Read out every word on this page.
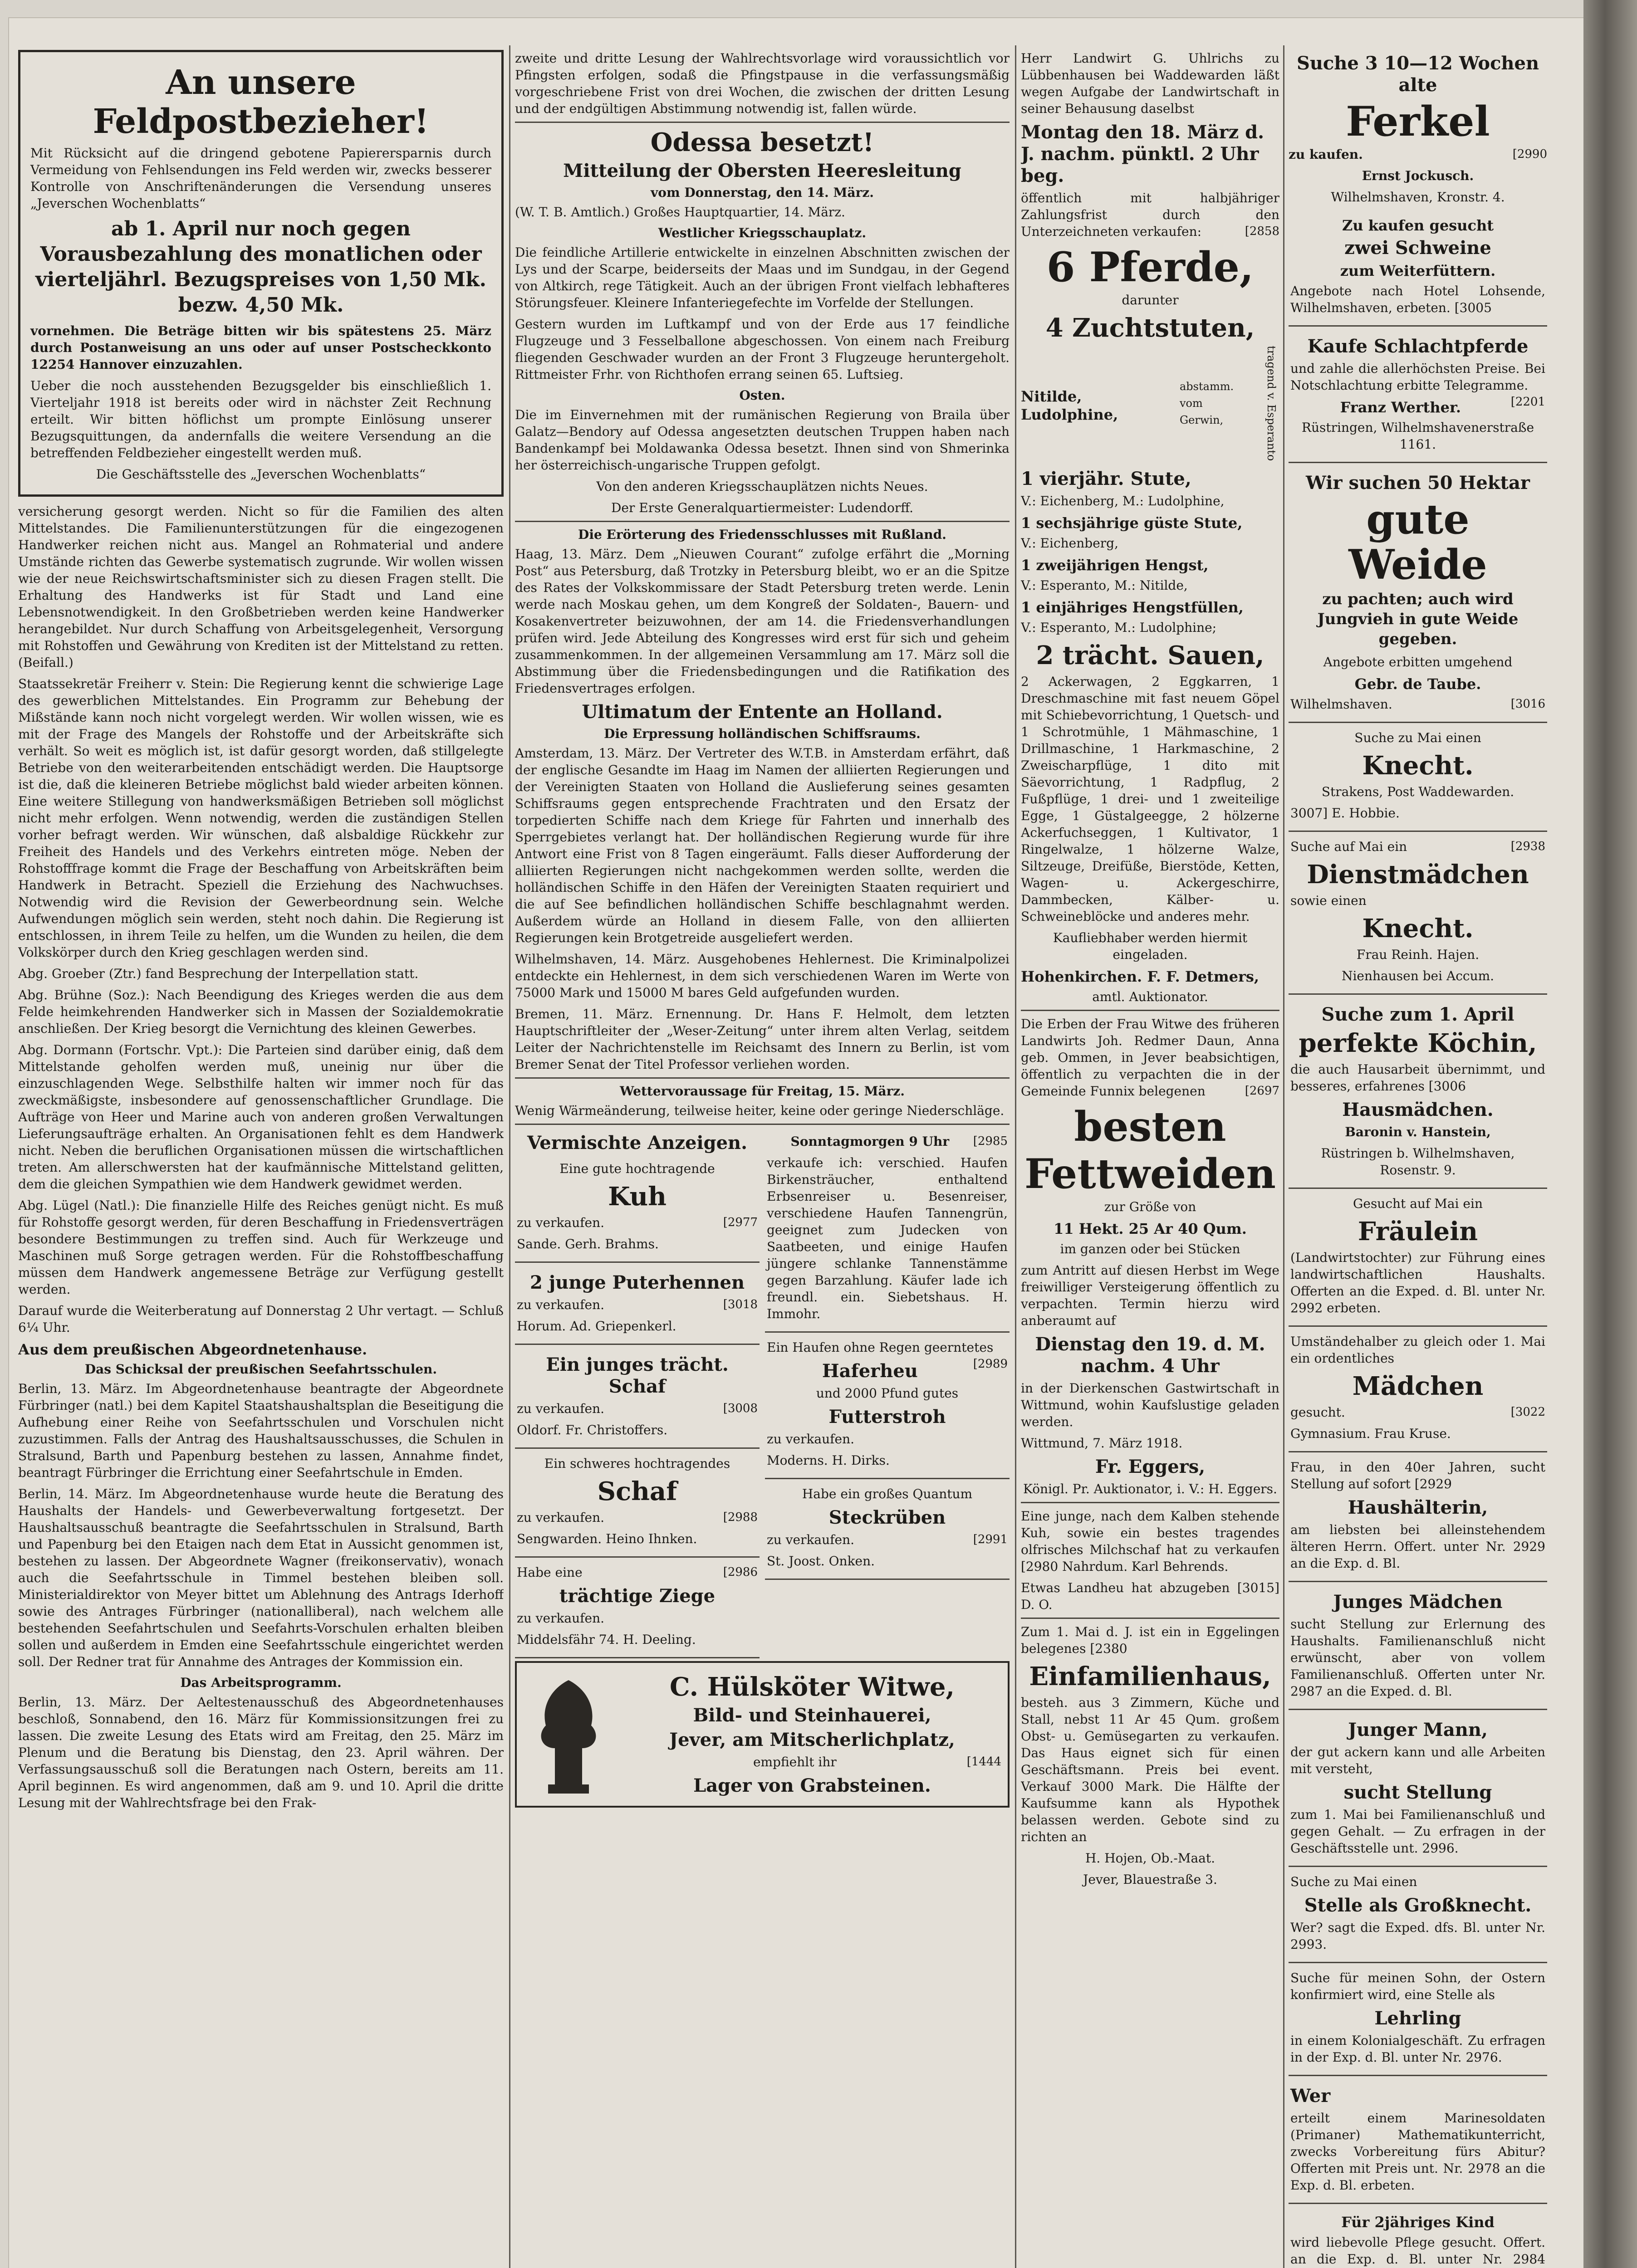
An unsere Feldpostbezieher!

Mit Rücksicht auf die dringend gebotene Papierersparnis durch Vermeidung von Fehlsendungen ins Feld werden wir, zwecks besserer Kontrolle von Anschriftenänderungen die Versendung unseres „Jeverschen Wochenblatts“

ab 1. April nur noch gegen Vorausbezahlung des monatlichen oder vierteljährl. Bezugspreises von 1,50 Mk. bezw. 4,50 Mk.

vornehmen. Die Beträge bitten wir bis spätestens 25. März durch Postanweisung an uns oder auf unser Postscheckkonto 12254 Hannover einzuzahlen.

Ueber die noch ausstehenden Bezugsgelder bis einschließlich 1. Vierteljahr 1918 ist bereits oder wird in nächster Zeit Rechnung erteilt. Wir bitten höflichst um prompte Einlösung unserer Bezugsquittungen, da andernfalls die weitere Versendung an die betreffenden Feldbezieher eingestellt werden muß.

Die Geschäftsstelle des „Jeverschen Wochenblatts“

versicherung gesorgt werden. Nicht so für die Familien des alten Mittelstandes. Die Familienunterstützungen für die eingezogenen Handwerker reichen nicht aus. Mangel an Rohmaterial und andere Umstände richten das Gewerbe systematisch zugrunde. Wir wollen wissen wie der neue Reichswirtschaftsminister sich zu diesen Fragen stellt. Die Erhaltung des Handwerks ist für Stadt und Land eine Lebensnotwendigkeit. In den Großbetrieben werden keine Handwerker herangebildet. Nur durch Schaffung von Arbeitsgelegenheit, Versorgung mit Rohstoffen und Gewährung von Krediten ist der Mittelstand zu retten. (Beifall.)

Staatssekretär Freiherr v. Stein: Die Regierung kennt die schwierige Lage des gewerblichen Mittelstandes. Ein Programm zur Behebung der Mißstände kann noch nicht vorgelegt werden. Wir wollen wissen, wie es mit der Frage des Mangels der Rohstoffe und der Arbeitskräfte sich verhält. So weit es möglich ist, ist dafür gesorgt worden, daß stillgelegte Betriebe von den weiterarbeitenden entschädigt werden. Die Hauptsorge ist die, daß die kleineren Betriebe möglichst bald wieder arbeiten können. Eine weitere Stillegung von handwerksmäßigen Betrieben soll möglichst nicht mehr erfolgen. Wenn notwendig, werden die zuständigen Stellen vorher befragt werden. Wir wünschen, daß alsbaldige Rückkehr zur Freiheit des Handels und des Verkehrs eintreten möge. Neben der Rohstofffrage kommt die Frage der Beschaffung von Arbeitskräften beim Handwerk in Betracht. Speziell die Erziehung des Nachwuchses. Notwendig wird die Revision der Gewerbeordnung sein. Welche Aufwendungen möglich sein werden, steht noch dahin. Die Regierung ist entschlossen, in ihrem Teile zu helfen, um die Wunden zu heilen, die dem Volkskörper durch den Krieg geschlagen werden sind.

Abg. Groeber (Ztr.) fand Besprechung der Interpellation statt.

Abg. Brühne (Soz.): Nach Beendigung des Krieges werden die aus dem Felde heimkehrenden Handwerker sich in Massen der Sozialdemokratie anschließen. Der Krieg besorgt die Vernichtung des kleinen Gewerbes.

Abg. Dormann (Fortschr. Vpt.): Die Parteien sind darüber einig, daß dem Mittelstande geholfen werden muß, uneinig nur über die einzuschlagenden Wege. Selbsthilfe halten wir immer noch für das zweckmäßigste, insbesondere auf genossenschaftlicher Grundlage. Die Aufträge von Heer und Marine auch von anderen großen Verwaltungen Lieferungsaufträge erhalten. An Organisationen fehlt es dem Handwerk nicht. Neben die beruflichen Organisationen müssen die wirtschaftlichen treten. Am allerschwersten hat der kaufmännische Mittelstand gelitten, dem die gleichen Sympathien wie dem Handwerk gewidmet werden.

Abg. Lügel (Natl.): Die finanzielle Hilfe des Reiches genügt nicht. Es muß für Rohstoffe gesorgt werden, für deren Beschaffung in Friedensverträgen besondere Bestimmungen zu treffen sind. Auch für Werkzeuge und Maschinen muß Sorge getragen werden. Für die Rohstoffbeschaffung müssen dem Handwerk angemessene Beträge zur Verfügung gestellt werden.

Darauf wurde die Weiterberatung auf Donnerstag 2 Uhr vertagt. — Schluß 6¼ Uhr.

Aus dem preußischen Abgeordnetenhause.
Das Schicksal der preußischen Seefahrtsschulen.

Berlin, 13. März. Im Abgeordnetenhause beantragte der Abgeordnete Fürbringer (natl.) bei dem Kapitel Staatshaushaltsplan die Beseitigung die Aufhebung einer Reihe von Seefahrtsschulen und Vorschulen nicht zuzustimmen. Falls der Antrag des Haushaltsausschusses, die Schulen in Stralsund, Barth und Papenburg bestehen zu lassen, Annahme findet, beantragt Fürbringer die Errichtung einer Seefahrtschule in Emden.

Berlin, 14. März. Im Abgeordnetenhause wurde heute die Beratung des Haushalts der Handels- und Gewerbeverwaltung fortgesetzt. Der Haushaltsausschuß beantragte die Seefahrtsschulen in Stralsund, Barth und Papenburg bei den Etaigen nach dem Etat in Aussicht genommen ist, bestehen zu lassen. Der Abgeordnete Wagner (freikonservativ), wonach auch die Seefahrtsschule in Timmel bestehen bleiben soll. Ministerialdirektor von Meyer bittet um Ablehnung des Antrags Iderhoff sowie des Antrages Fürbringer (nationalliberal), nach welchem alle bestehenden Seefahrtschulen und Seefahrts-Vorschulen erhalten bleiben sollen und außerdem in Emden eine Seefahrtsschule eingerichtet werden soll. Der Redner trat für Annahme des Antrages der Kommission ein.

Das Arbeitsprogramm.

Berlin, 13. März. Der Aeltestenausschuß des Abgeordnetenhauses beschloß, Sonnabend, den 16. März für Kommissionsitzungen frei zu lassen. Die zweite Lesung des Etats wird am Freitag, den 25. März im Plenum und die Beratung bis Dienstag, den 23. April währen. Der Verfassungsausschuß soll die Beratungen nach Ostern, bereits am 11. April beginnen. Es wird angenommen, daß am 9. und 10. April die dritte Lesung mit der Wahlrechtsfrage bei den Frak-

zweite und dritte Lesung der Wahlrechtsvorlage wird voraussichtlich vor Pfingsten erfolgen, sodaß die Pfingstpause in die verfassungsmäßig vorgeschriebene Frist von drei Wochen, die zwischen der dritten Lesung und der endgültigen Abstimmung notwendig ist, fallen würde.

Odessa besetzt!
Mitteilung der Obersten Heeresleitung
vom Donnerstag, den 14. März.

(W. T. B. Amtlich.) Großes Hauptquartier, 14. März.

Westlicher Kriegsschauplatz.

Die feindliche Artillerie entwickelte in einzelnen Abschnitten zwischen der Lys und der Scarpe, beiderseits der Maas und im Sundgau, in der Gegend von Altkirch, rege Tätigkeit. Auch an der übrigen Front vielfach lebhafteres Störungsfeuer. Kleinere Infanteriegefechte im Vorfelde der Stellungen.

Gestern wurden im Luftkampf und von der Erde aus 17 feindliche Flugzeuge und 3 Fesselballone abgeschossen. Von einem nach Freiburg fliegenden Geschwader wurden an der Front 3 Flugzeuge heruntergeholt. Rittmeister Frhr. von Richthofen errang seinen 65. Luftsieg.

Osten.

Die im Einvernehmen mit der rumänischen Regierung von Braila über Galatz—Bendory auf Odessa angesetzten deutschen Truppen haben nach Bandenkampf bei Moldawanka Odessa besetzt. Ihnen sind von Shmerinka her österreichisch-ungarische Truppen gefolgt.

Von den anderen Kriegsschauplätzen nichts Neues.

Der Erste Generalquartiermeister: Ludendorff.

Die Erörterung des Friedensschlusses mit Rußland.

Haag, 13. März. Dem „Nieuwen Courant“ zufolge erfährt die „Morning Post“ aus Petersburg, daß Trotzky in Petersburg bleibt, wo er an die Spitze des Rates der Volkskommissare der Stadt Petersburg treten werde. Lenin werde nach Moskau gehen, um dem Kongreß der Soldaten-, Bauern- und Kosakenvertreter beizuwohnen, der am 14. die Friedensverhandlungen prüfen wird. Jede Abteilung des Kongresses wird erst für sich und geheim zusammenkommen. In der allgemeinen Versammlung am 17. März soll die Abstimmung über die Friedensbedingungen und die Ratifikation des Friedensvertrages erfolgen.

Ultimatum der Entente an Holland.
Die Erpressung holländischen Schiffsraums.

Amsterdam, 13. März. Der Vertreter des W.T.B. in Amsterdam erfährt, daß der englische Gesandte im Haag im Namen der alliierten Regierungen und der Vereinigten Staaten von Holland die Auslieferung seines gesamten Schiffsraums gegen entsprechende Frachtraten und den Ersatz der torpedierten Schiffe nach dem Kriege für Fahrten und innerhalb des Sperrgebietes verlangt hat. Der holländischen Regierung wurde für ihre Antwort eine Frist von 8 Tagen eingeräumt. Falls dieser Aufforderung der alliierten Regierungen nicht nachgekommen werden sollte, werden die holländischen Schiffe in den Häfen der Vereinigten Staaten requiriert und die auf See befindlichen holländischen Schiffe beschlagnahmt werden. Außerdem würde an Holland in diesem Falle, von den alliierten Regierungen kein Brotgetreide ausgeliefert werden.

Wilhelmshaven, 14. März. Ausgehobenes Hehlernest. Die Kriminalpolizei entdeckte ein Hehlernest, in dem sich verschiedenen Waren im Werte von 75000 Mark und 15000 M bares Geld aufgefunden wurden.

Bremen, 11. März. Ernennung. Dr. Hans F. Helmolt, dem letzten Hauptschriftleiter der „Weser-Zeitung“ unter ihrem alten Verlag, seitdem Leiter der Nachrichtenstelle im Reichsamt des Innern zu Berlin, ist vom Bremer Senat der Titel Professor verliehen worden.

Wettervoraussage für Freitag, 15. März.

Wenig Wärmeänderung, teilweise heiter, keine oder geringe Niederschläge.

Vermischte Anzeigen.

Eine gute hochtragende

Kuh

zu verkaufen.	[2977

Sande. Gerh. Brahms.

2 junge Puterhennen

zu verkaufen.	[3018

Horum. Ad. Griepenkerl.

Ein junges trächt. Schaf

zu verkaufen.	[3008

Oldorf. Fr. Christoffers.

Ein schweres hochtragendes

Schaf

zu verkaufen.	[2988

Sengwarden. Heino Ihnken.

Habe eine	[2986

trächtige Ziege

zu verkaufen.

Middelsfähr 74. H. Deeling.

Sonntagmorgen 9 Uhr [2985

verkaufe ich: verschied. Haufen Birkensträucher, enthaltend Erbsenreiser u. Besenreiser, verschiedene Haufen Tannengrün, geeignet zum Judecken von Saatbeeten, und einige Haufen jüngere schlanke Tannenstämme gegen Barzahlung. Käufer lade ich freundl. ein. Siebetshaus. H. Immohr.

Ein Haufen ohne Regen geerntetes
[2989

Haferheu

und 2000 Pfund gutes

Futterstroh

zu verkaufen.

Moderns. H. Dirks.

Habe ein großes Quantum

Steckrüben

zu verkaufen.	[2991

St. Joost. Onken.

C. Hülsköter Witwe,
Bild- und Steinhauerei,
Jever, am Mitscherlichplatz,

empfiehlt ihr	[1444

Lager von Grabsteinen.

Herr Landwirt G. Uhlrichs zu Lübbenhausen bei Waddewarden läßt wegen Aufgabe der Landwirtschaft in seiner Behausung daselbst

Montag den 18. März d. J. nachm. pünktl. 2 Uhr beg.

öffentlich mit halbjähriger Zahlungsfrist durch den Unterzeichneten verkaufen:	[2858

6 Pferde,

darunter

4 Zuchtstuten,
Nitilde, Ludolphine,

abstamm. vom Gerwin,	tragend v. Esperanto

1 vierjähr. Stute,

V.: Eichenberg, M.: Ludolphine,

1 sechsjährige güste Stute,

V.: Eichenberg,

1 zweijährigen Hengst,

V.: Esperanto, M.: Nitilde,

1 einjähriges Hengstfüllen,

V.: Esperanto, M.: Ludolphine;

2 trächt. Sauen,

2 Ackerwagen, 2 Eggkarren, 1 Dreschmaschine mit fast neuem Göpel mit Schiebevorrichtung, 1 Quetsch- und 1 Schrotmühle, 1 Mähmaschine, 1 Drillmaschine, 1 Harkmaschine, 2 Zweischarpflüge, 1 dito mit Säevorrichtung, 1 Radpflug, 2 Fußpflüge, 1 drei- und 1 zweiteilige Egge, 1 Güstalgeegge, 2 hölzerne Ackerfuchseggen, 1 Kultivator, 1 Ringelwalze, 1 hölzerne Walze, Siltzeuge, Dreifüße, Bierstöde, Ketten, Wagen- u. Ackergeschirre, Dammbecken, Kälber- u. Schweineblöcke und anderes mehr.

Kaufliebhaber werden hiermit eingeladen.

Hohenkirchen. F. F. Detmers,

amtl. Auktionator.

Die Erben der Frau Witwe des früheren Landwirts Joh. Redmer Daun, Anna geb. Ommen, in Jever beabsichtigen, öffentlich zu verpachten die in der Gemeinde Funnix belegenen	[2697

besten
Fettweiden

zur Größe von

11 Hekt. 25 Ar 40 Qum.

im ganzen oder bei Stücken

zum Antritt auf diesen Herbst im Wege freiwilliger Versteigerung öffentlich zu verpachten. Termin hierzu wird anberaumt auf

Dienstag den 19. d. M. nachm. 4 Uhr

in der Dierkenschen Gastwirtschaft in Wittmund, wohin Kaufslustige geladen werden.

Wittmund, 7. März 1918.

Fr. Eggers,

Königl. Pr. Auktionator, i. V.: H. Eggers.

Eine junge, nach dem Kalben stehende Kuh, sowie ein bestes tragendes olfrisches Milchschaf hat zu verkaufen [2980 Nahrdum. Karl Behrends.

Etwas Landheu hat abzugeben [3015] D. O.

Zum 1. Mai d. J. ist ein in Eggelingen belegenes [2380

Einfamilienhaus,

besteh. aus 3 Zimmern, Küche und Stall, nebst 11 Ar 45 Qum. großem Obst- u. Gemüsegarten zu verkaufen. Das Haus eignet sich für einen Geschäftsmann. Preis bei event. Verkauf 3000 Mark. Die Hälfte der Kaufsumme kann als Hypothek belassen werden. Gebote sind zu richten an

H. Hojen, Ob.-Maat.

Jever, Blauestraße 3.

Suche 3 10—12 Wochen alte
Ferkel

zu kaufen.	[2990

Ernst Jockusch.

Wilhelmshaven, Kronstr. 4.

Zu kaufen gesucht
zwei Schweine
zum Weiterfüttern.

Angebote nach Hotel Lohsende, Wilhelmshaven, erbeten. [3005

Kaufe Schlachtpferde

und zahle die allerhöchsten Preise. Bei Notschlachtung erbitte Telegramme.
[2201

Franz Werther.

Rüstringen, Wilhelmshavenerstraße 1161.

Wir suchen 50 Hektar
gute Weide

zu pachten; auch wird Jungvieh in gute Weide gegeben.

Angebote erbitten umgehend

Gebr. de Taube.

Wilhelmshaven.	[3016

Suche zu Mai einen

Knecht.

Strakens, Post Waddewarden.

3007] E. Hobbie.

Suche auf Mai ein	[2938

Dienstmädchen

sowie einen

Knecht.

Frau Reinh. Hajen.

Nienhausen bei Accum.

Suche zum 1. April
perfekte Köchin,

die auch Hausarbeit übernimmt, und besseres, erfahrenes [3006

Hausmädchen.

Baronin v. Hanstein,

Rüstringen b. Wilhelmshaven, Rosenstr. 9.

Gesucht auf Mai ein

Fräulein

(Landwirtstochter) zur Führung eines landwirtschaftlichen Haushalts. Offerten an die Exped. d. Bl. unter Nr. 2992 erbeten.

Umständehalber zu gleich oder 1. Mai ein ordentliches

Mädchen

gesucht.	[3022

Gymnasium. Frau Kruse.

Frau, in den 40er Jahren, sucht Stellung auf sofort [2929

Haushälterin,

am liebsten bei alleinstehendem älteren Herrn. Offert. unter Nr. 2929 an die Exp. d. Bl.

Junges Mädchen

sucht Stellung zur Erlernung des Haushalts. Familienanschluß nicht erwünscht, aber von vollem Familienanschluß. Offerten unter Nr. 2987 an die Exped. d. Bl.

Junger Mann,

der gut ackern kann und alle Arbeiten mit versteht,

sucht Stellung

zum 1. Mai bei Familienanschluß und gegen Gehalt. — Zu erfragen in der Geschäftsstelle unt. 2996.

Suche zu Mai einen

Stelle als Großknecht.

Wer? sagt die Exped. dfs. Bl. unter Nr. 2993.

Suche für meinen Sohn, der Ostern konfirmiert wird, eine Stelle als

Lehrling

in einem Kolonialgeschäft. Zu erfragen in der Exp. d. Bl. unter Nr. 2976.

Wer

erteilt einem Marinesoldaten (Primaner) Mathematikunterricht, zwecks Vorbereitung fürs Abitur? Offerten mit Preis unt. Nr. 2978 an die Exp. d. Bl. erbeten.

Für 2jähriges Kind

wird liebevolle Pflege gesucht. Offert. an die Exp. d. Bl. unter Nr. 2984
